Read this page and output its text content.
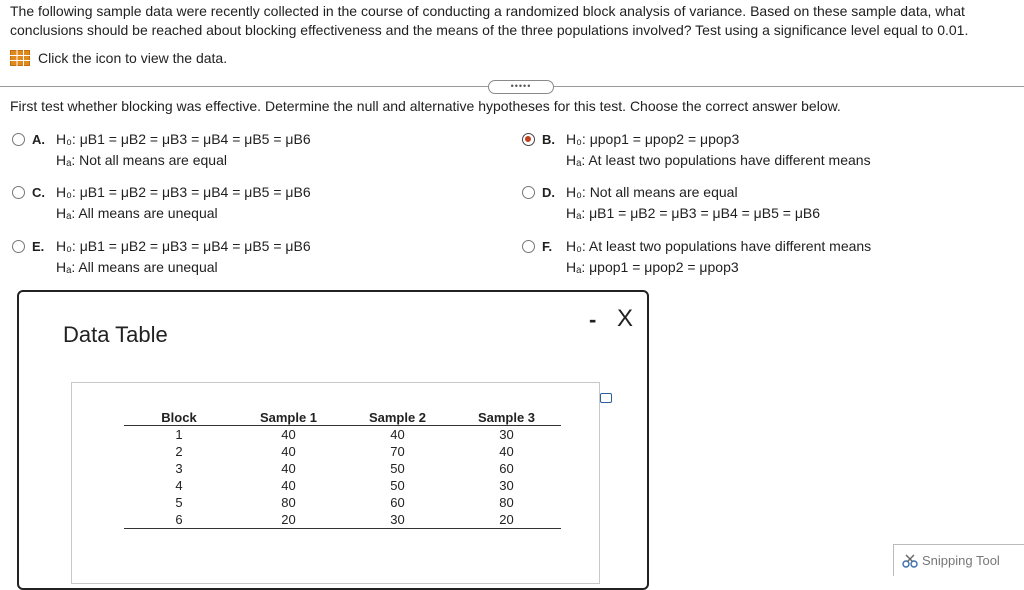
The following sample data were recently collected in the course of conducting a randomized block analysis of variance. Based on these sample data, what
conclusions should be reached about blocking effectiveness and the means of the three populations involved? Test using a significance level equal to 0.01.
Click the icon to view the data.
•••••
First test whether blocking was effective. Determine the null and alternative hypotheses for this test. Choose the correct answer below.
A. H₀: μB1 = μB2 = μB3 = μB4 = μB5 = μB6
Hₐ: Not all means are equal
B. H₀: μpop1 = μpop2 = μpop3
Hₐ: At least two populations have different means
C. H₀: μB1 = μB2 = μB3 = μB4 = μB5 = μB6
Hₐ: All means are unequal
D. H₀: Not all means are equal
Hₐ: μB1 = μB2 = μB3 = μB4 = μB5 = μB6
E. H₀: μB1 = μB2 = μB3 = μB4 = μB5 = μB6
Hₐ: All means are unequal
F. H₀: At least two populations have different means
Hₐ: μpop1 = μpop2 = μpop3
Data Table
- X
Block	Sample 1	Sample 2	Sample 3
1	40	40	30
2	40	70	40
3	40	50	60
4	40	50	30
5	80	60	80
6	20	30	20
Snipping Tool
